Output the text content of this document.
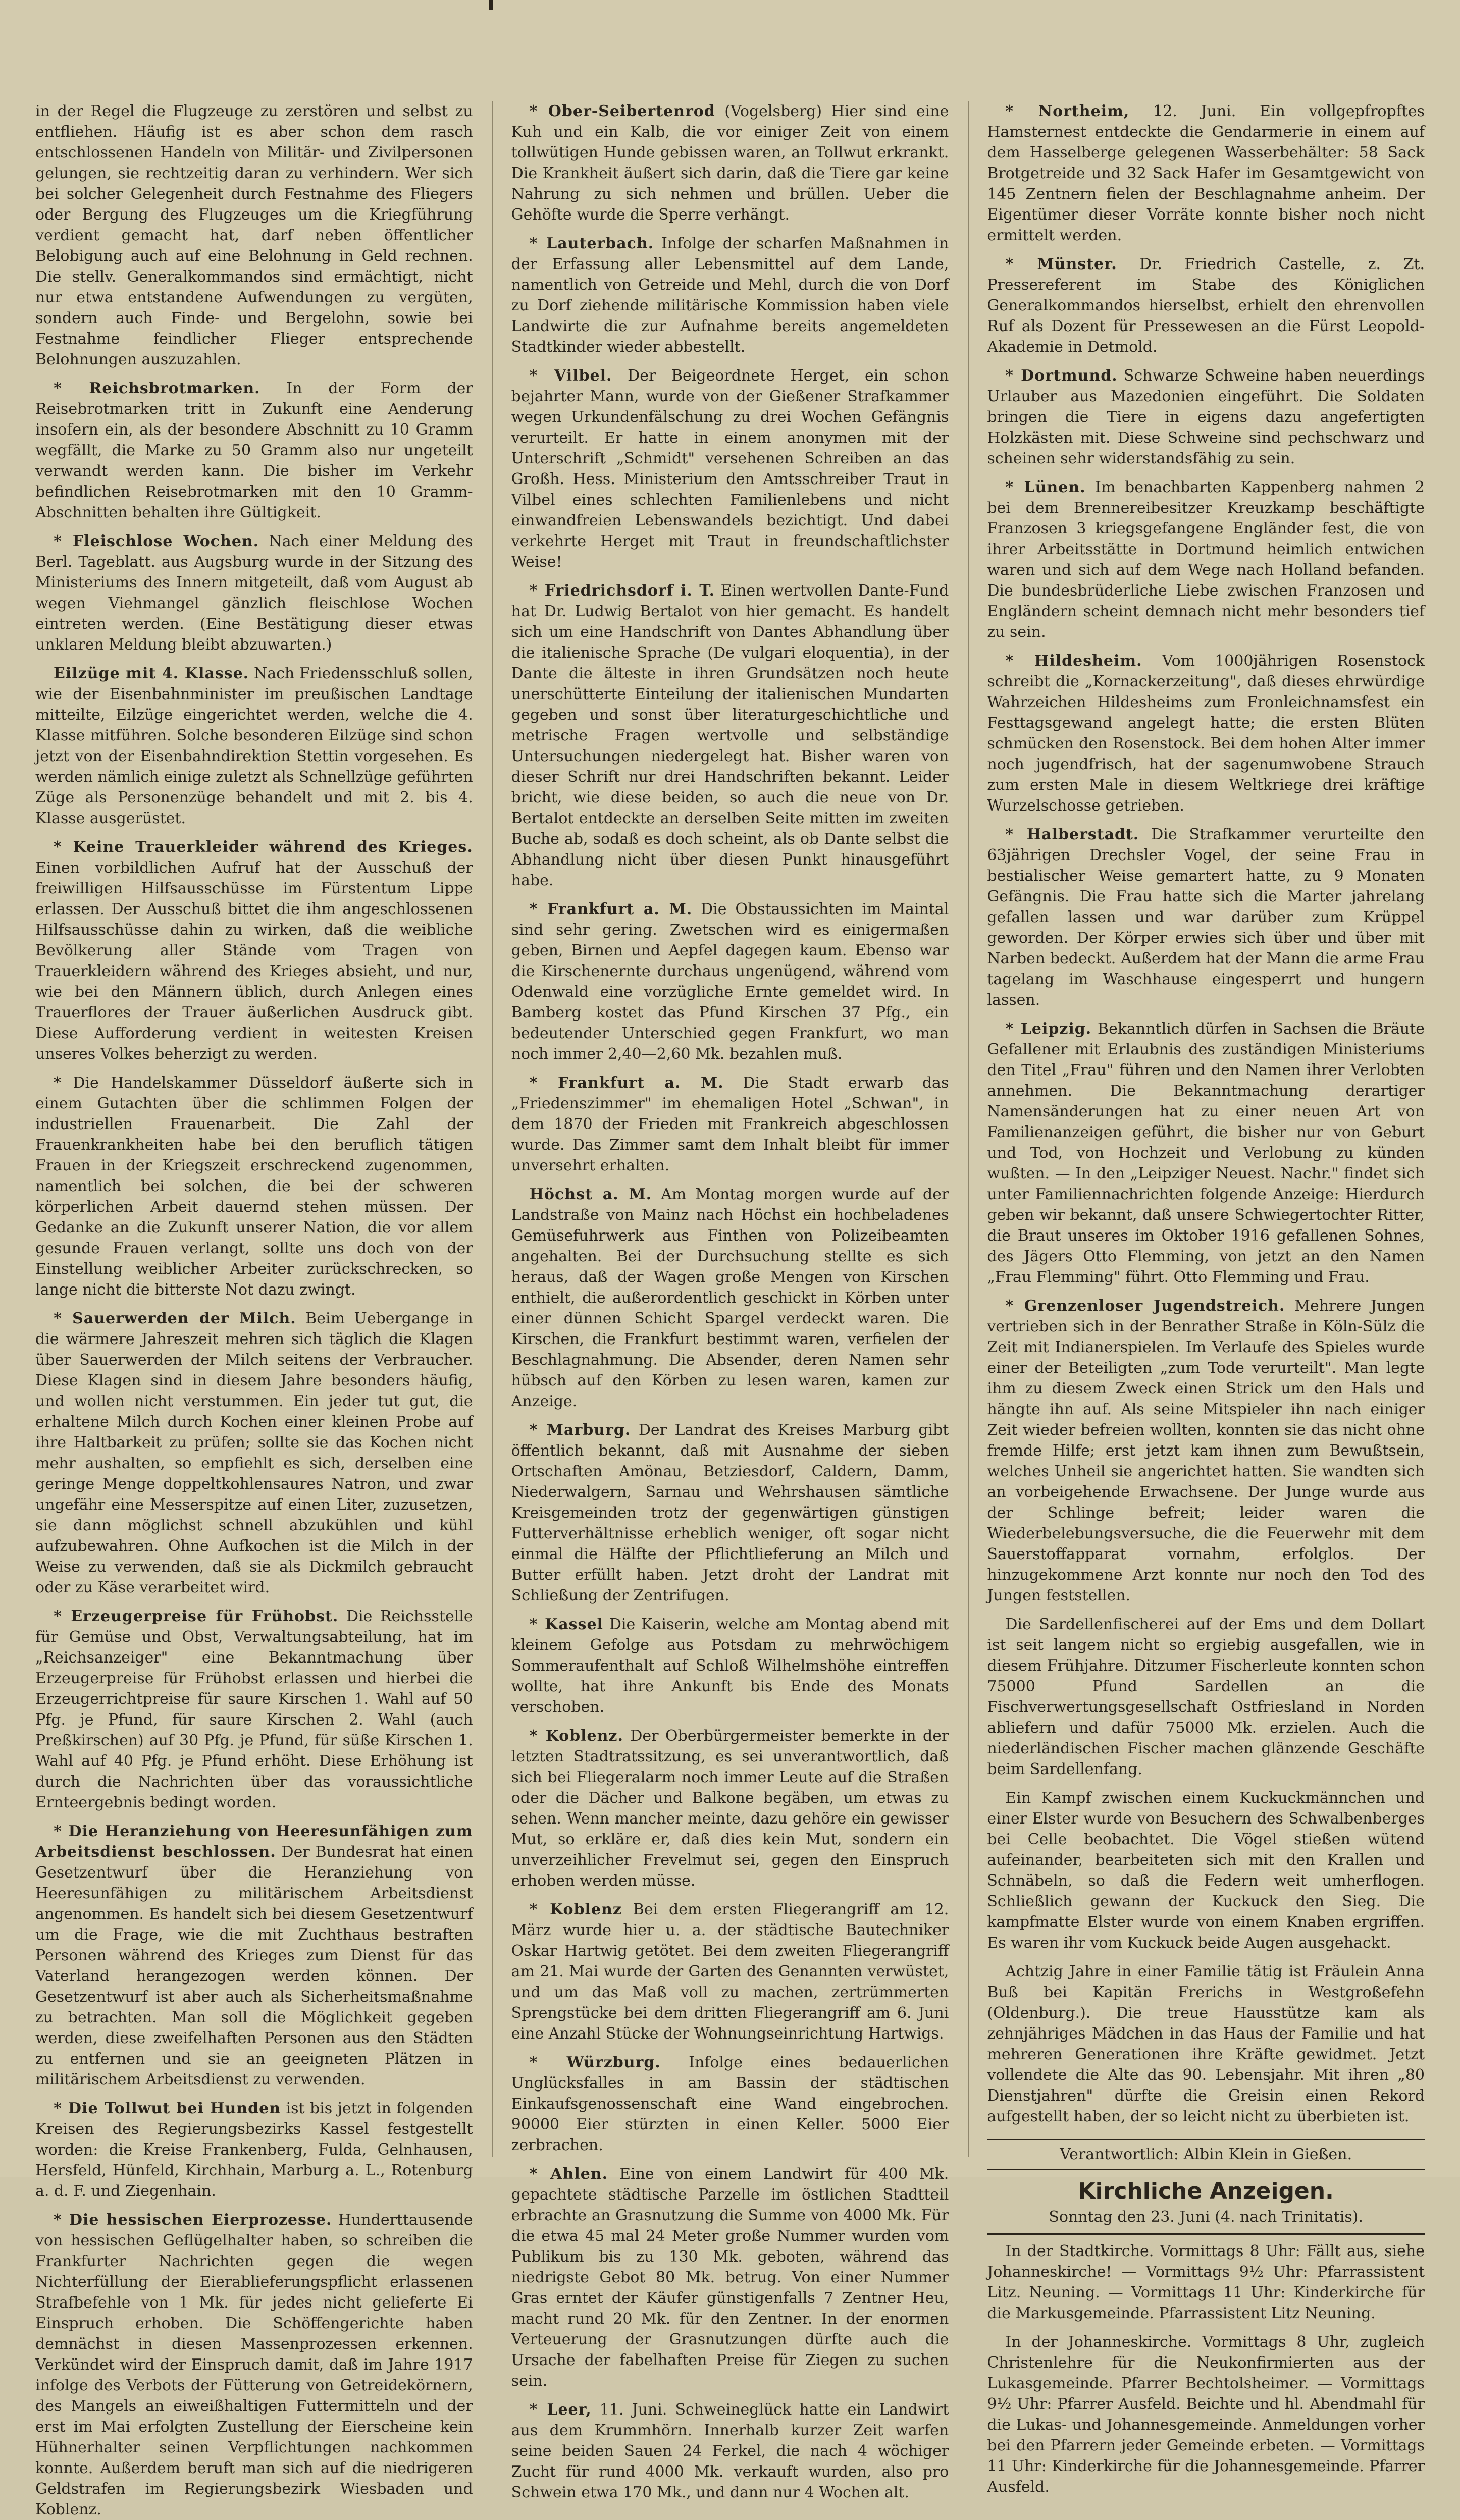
in der Regel die Flugzeuge zu zerstören und selbst zu entfliehen. Häufig ist es aber schon dem rasch entschlossenen Handeln von Militär- und Zivilpersonen gelungen, sie rechtzeitig daran zu verhindern. Wer sich bei solcher Gelegenheit durch Festnahme des Fliegers oder Bergung des Flugzeuges um die Kriegführung verdient gemacht hat, darf neben öffentlicher Belobigung auch auf eine Belohnung in Geld rechnen. Die stellv. Generalkommandos sind ermächtigt, nicht nur etwa entstandene Aufwendungen zu vergüten, sondern auch Finde- und Bergelohn, sowie bei Festnahme feindlicher Flieger entsprechende Belohnungen auszuzahlen.

* Reichsbrotmarken. In der Form der Reisebrotmarken tritt in Zukunft eine Aenderung insofern ein, als der besondere Abschnitt zu 10 Gramm wegfällt, die Marke zu 50 Gramm also nur ungeteilt verwandt werden kann. Die bisher im Verkehr befindlichen Reisebrotmarken mit den 10 Gramm-Abschnitten behalten ihre Gültigkeit.

* Fleischlose Wochen. Nach einer Meldung des Berl. Tageblatt. aus Augsburg wurde in der Sitzung des Ministeriums des Innern mitgeteilt, daß vom August ab wegen Viehmangel gänzlich fleischlose Wochen eintreten werden. (Eine Bestätigung dieser etwas unklaren Meldung bleibt abzuwarten.)

Eilzüge mit 4. Klasse. Nach Friedensschluß sollen, wie der Eisenbahnminister im preußischen Landtage mitteilte, Eilzüge eingerichtet werden, welche die 4. Klasse mitführen. Solche besonderen Eilzüge sind schon jetzt von der Eisenbahndirektion Stettin vorgesehen. Es werden nämlich einige zuletzt als Schnellzüge geführten Züge als Personenzüge behandelt und mit 2. bis 4. Klasse ausgerüstet.

* Keine Trauerkleider während des Krieges. Einen vorbildlichen Aufruf hat der Ausschuß der freiwilligen Hilfsausschüsse im Fürstentum Lippe erlassen. Der Ausschuß bittet die ihm angeschlossenen Hilfsausschüsse dahin zu wirken, daß die weibliche Bevölkerung aller Stände vom Tragen von Trauerkleidern während des Krieges absieht, und nur, wie bei den Männern üblich, durch Anlegen eines Trauerflores der Trauer äußerlichen Ausdruck gibt. Diese Aufforderung verdient in weitesten Kreisen unseres Volkes beherzigt zu werden.

* Die Handelskammer Düsseldorf äußerte sich in einem Gutachten über die schlimmen Folgen der industriellen Frauenarbeit. Die Zahl der Frauenkrankheiten habe bei den beruflich tätigen Frauen in der Kriegszeit erschreckend zugenommen, namentlich bei solchen, die bei der schweren körperlichen Arbeit dauernd stehen müssen. Der Gedanke an die Zukunft unserer Nation, die vor allem gesunde Frauen verlangt, sollte uns doch von der Einstellung weiblicher Arbeiter zurückschrecken, so lange nicht die bitterste Not dazu zwingt.

* Sauerwerden der Milch. Beim Uebergange in die wärmere Jahreszeit mehren sich täglich die Klagen über Sauerwerden der Milch seitens der Verbraucher. Diese Klagen sind in diesem Jahre besonders häufig, und wollen nicht verstummen. Ein jeder tut gut, die erhaltene Milch durch Kochen einer kleinen Probe auf ihre Haltbarkeit zu prüfen; sollte sie das Kochen nicht mehr aushalten, so empfiehlt es sich, derselben eine geringe Menge doppeltkohlensaures Natron, und zwar ungefähr eine Messerspitze auf einen Liter, zuzusetzen, sie dann möglichst schnell abzukühlen und kühl aufzubewahren. Ohne Aufkochen ist die Milch in der Weise zu verwenden, daß sie als Dickmilch gebraucht oder zu Käse verarbeitet wird.

* Erzeugerpreise für Frühobst. Die Reichsstelle für Gemüse und Obst, Verwaltungsabteilung, hat im „Reichsanzeiger" eine Bekanntmachung über Erzeugerpreise für Frühobst erlassen und hierbei die Erzeugerrichtpreise für saure Kirschen 1. Wahl auf 50 Pfg. je Pfund, für saure Kirschen 2. Wahl (auch Preßkirschen) auf 30 Pfg. je Pfund, für süße Kirschen 1. Wahl auf 40 Pfg. je Pfund erhöht. Diese Erhöhung ist durch die Nachrichten über das voraussichtliche Ernteergebnis bedingt worden.

* Die Heranziehung von Heeresunfähigen zum Arbeitsdienst beschlossen. Der Bundesrat hat einen Gesetzentwurf über die Heranziehung von Heeresunfähigen zu militärischem Arbeitsdienst angenommen. Es handelt sich bei diesem Gesetzentwurf um die Frage, wie die mit Zuchthaus bestraften Personen während des Krieges zum Dienst für das Vaterland herangezogen werden können. Der Gesetzentwurf ist aber auch als Sicherheitsmaßnahme zu betrachten. Man soll die Möglichkeit gegeben werden, diese zweifelhaften Personen aus den Städten zu entfernen und sie an geeigneten Plätzen in militärischem Arbeitsdienst zu verwenden.

* Die Tollwut bei Hunden ist bis jetzt in folgenden Kreisen des Regierungsbezirks Kassel festgestellt worden: die Kreise Frankenberg, Fulda, Gelnhausen, Hersfeld, Hünfeld, Kirchhain, Marburg a. L., Rotenburg a. d. F. und Ziegenhain.

* Die hessischen Eierprozesse. Hunderttausende von hessischen Geflügelhalter haben, so schreiben die Frankfurter Nachrichten gegen die wegen Nichterfüllung der Eierablieferungspflicht erlassenen Strafbefehle von 1 Mk. für jedes nicht gelieferte Ei Einspruch erhoben. Die Schöffengerichte haben demnächst in diesen Massenprozessen erkennen. Verkündet wird der Einspruch damit, daß im Jahre 1917 infolge des Verbots der Fütterung von Getreidekörnern, des Mangels an eiweißhaltigen Futtermitteln und der erst im Mai erfolgten Zustellung der Eierscheine kein Hühnerhalter seinen Verpflichtungen nachkommen konnte. Außerdem beruft man sich auf die niedrigeren Geldstrafen im Regierungsbezirk Wiesbaden und Koblenz.

* Ober-Seibertenrod (Vogelsberg) Hier sind eine Kuh und ein Kalb, die vor einiger Zeit von einem tollwütigen Hunde gebissen waren, an Tollwut erkrankt. Die Krankheit äußert sich darin, daß die Tiere gar keine Nahrung zu sich nehmen und brüllen. Ueber die Gehöfte wurde die Sperre verhängt.

* Lauterbach. Infolge der scharfen Maßnahmen in der Erfassung aller Lebensmittel auf dem Lande, namentlich von Getreide und Mehl, durch die von Dorf zu Dorf ziehende militärische Kommission haben viele Landwirte die zur Aufnahme bereits angemeldeten Stadtkinder wieder abbestellt.

* Vilbel. Der Beigeordnete Herget, ein schon bejahrter Mann, wurde von der Gießener Strafkammer wegen Urkundenfälschung zu drei Wochen Gefängnis verurteilt. Er hatte in einem anonymen mit der Unterschrift „Schmidt" versehenen Schreiben an das Großh. Hess. Ministerium den Amtsschreiber Traut in Vilbel eines schlechten Familienlebens und nicht einwandfreien Lebenswandels bezichtigt. Und dabei verkehrte Herget mit Traut in freundschaftlichster Weise!

* Friedrichsdorf i. T. Einen wertvollen Dante-Fund hat Dr. Ludwig Bertalot von hier gemacht. Es handelt sich um eine Handschrift von Dantes Abhandlung über die italienische Sprache (De vulgari eloquentia), in der Dante die älteste in ihren Grundsätzen noch heute unerschütterte Einteilung der italienischen Mundarten gegeben und sonst über literaturgeschichtliche und metrische Fragen wertvolle und selbständige Untersuchungen niedergelegt hat. Bisher waren von dieser Schrift nur drei Handschriften bekannt. Leider bricht, wie diese beiden, so auch die neue von Dr. Bertalot entdeckte an derselben Seite mitten im zweiten Buche ab, sodaß es doch scheint, als ob Dante selbst die Abhandlung nicht über diesen Punkt hinausgeführt habe.

* Frankfurt a. M. Die Obstaussichten im Maintal sind sehr gering. Zwetschen wird es einigermaßen geben, Birnen und Aepfel dagegen kaum. Ebenso war die Kirschenernte durchaus ungenügend, während vom Odenwald eine vorzügliche Ernte gemeldet wird. In Bamberg kostet das Pfund Kirschen 37 Pfg., ein bedeutender Unterschied gegen Frankfurt, wo man noch immer 2,40—2,60 Mk. bezahlen muß.

* Frankfurt a. M. Die Stadt erwarb das „Friedenszimmer" im ehemaligen Hotel „Schwan", in dem 1870 der Frieden mit Frankreich abgeschlossen wurde. Das Zimmer samt dem Inhalt bleibt für immer unversehrt erhalten.

Höchst a. M. Am Montag morgen wurde auf der Landstraße von Mainz nach Höchst ein hochbeladenes Gemüsefuhrwerk aus Finthen von Polizeibeamten angehalten. Bei der Durchsuchung stellte es sich heraus, daß der Wagen große Mengen von Kirschen enthielt, die außerordentlich geschickt in Körben unter einer dünnen Schicht Spargel verdeckt waren. Die Kirschen, die Frankfurt bestimmt waren, verfielen der Beschlagnahmung. Die Absender, deren Namen sehr hübsch auf den Körben zu lesen waren, kamen zur Anzeige.

* Marburg. Der Landrat des Kreises Marburg gibt öffentlich bekannt, daß mit Ausnahme der sieben Ortschaften Amönau, Betziesdorf, Caldern, Damm, Niederwalgern, Sarnau und Wehrshausen sämtliche Kreisgemeinden trotz der gegenwärtigen günstigen Futterverhältnisse erheblich weniger, oft sogar nicht einmal die Hälfte der Pflichtlieferung an Milch und Butter erfüllt haben. Jetzt droht der Landrat mit Schließung der Zentrifugen.

* Kassel Die Kaiserin, welche am Montag abend mit kleinem Gefolge aus Potsdam zu mehrwöchigem Sommeraufenthalt auf Schloß Wilhelmshöhe eintreffen wollte, hat ihre Ankunft bis Ende des Monats verschoben.

* Koblenz. Der Oberbürgermeister bemerkte in der letzten Stadtratssitzung, es sei unverantwortlich, daß sich bei Fliegeralarm noch immer Leute auf die Straßen oder die Dächer und Balkone begäben, um etwas zu sehen. Wenn mancher meinte, dazu gehöre ein gewisser Mut, so erkläre er, daß dies kein Mut, sondern ein unverzeihlicher Frevelmut sei, gegen den Einspruch erhoben werden müsse.

* Koblenz Bei dem ersten Fliegerangriff am 12. März wurde hier u. a. der städtische Bautechniker Oskar Hartwig getötet. Bei dem zweiten Fliegerangriff am 21. Mai wurde der Garten des Genannten verwüstet, und um das Maß voll zu machen, zertrümmerten Sprengstücke bei dem dritten Fliegerangriff am 6. Juni eine Anzahl Stücke der Wohnungseinrichtung Hartwigs.

* Würzburg. Infolge eines bedauerlichen Unglücksfalles in am Bassin der städtischen Einkaufsgenossenschaft eine Wand eingebrochen. 90000 Eier stürzten in einen Keller. 5000 Eier zerbrachen.

* Ahlen. Eine von einem Landwirt für 400 Mk. gepachtete städtische Parzelle im östlichen Stadtteil erbrachte an Grasnutzung die Summe von 4000 Mk. Für die etwa 45 mal 24 Meter große Nummer wurden vom Publikum bis zu 130 Mk. geboten, während das niedrigste Gebot 80 Mk. betrug. Von einer Nummer Gras erntet der Käufer günstigenfalls 7 Zentner Heu, macht rund 20 Mk. für den Zentner. In der enormen Verteuerung der Grasnutzungen dürfte auch die Ursache der fabelhaften Preise für Ziegen zu suchen sein.

* Leer, 11. Juni. Schweineglück hatte ein Landwirt aus dem Krummhörn. Innerhalb kurzer Zeit warfen seine beiden Sauen 24 Ferkel, die nach 4 wöchiger Zucht für rund 4000 Mk. verkauft wurden, also pro Schwein etwa 170 Mk., und dann nur 4 Wochen alt.

* Northeim, 12. Juni. Ein vollgepfropftes Hamsternest entdeckte die Gendarmerie in einem auf dem Hasselberge gelegenen Wasserbehälter: 58 Sack Brotgetreide und 32 Sack Hafer im Gesamtgewicht von 145 Zentnern fielen der Beschlagnahme anheim. Der Eigentümer dieser Vorräte konnte bisher noch nicht ermittelt werden.

* Münster. Dr. Friedrich Castelle, z. Zt. Pressereferent im Stabe des Königlichen Generalkommandos hierselbst, erhielt den ehrenvollen Ruf als Dozent für Pressewesen an die Fürst Leopold-Akademie in Detmold.

* Dortmund. Schwarze Schweine haben neuerdings Urlauber aus Mazedonien eingeführt. Die Soldaten bringen die Tiere in eigens dazu angefertigten Holzkästen mit. Diese Schweine sind pechschwarz und scheinen sehr widerstandsfähig zu sein.

* Lünen. Im benachbarten Kappenberg nahmen 2 bei dem Brennereibesitzer Kreuzkamp beschäftigte Franzosen 3 kriegsgefangene Engländer fest, die von ihrer Arbeitsstätte in Dortmund heimlich entwichen waren und sich auf dem Wege nach Holland befanden. Die bundesbrüderliche Liebe zwischen Franzosen und Engländern scheint demnach nicht mehr besonders tief zu sein.

* Hildesheim. Vom 1000jährigen Rosenstock schreibt die „Kornackerzeitung", daß dieses ehrwürdige Wahrzeichen Hildesheims zum Fronleichnamsfest ein Festtagsgewand angelegt hatte; die ersten Blüten schmücken den Rosenstock. Bei dem hohen Alter immer noch jugendfrisch, hat der sagenumwobene Strauch zum ersten Male in diesem Weltkriege drei kräftige Wurzelschosse getrieben.

* Halberstadt. Die Strafkammer verurteilte den 63jährigen Drechsler Vogel, der seine Frau in bestialischer Weise gemartert hatte, zu 9 Monaten Gefängnis. Die Frau hatte sich die Marter jahrelang gefallen lassen und war darüber zum Krüppel geworden. Der Körper erwies sich über und über mit Narben bedeckt. Außerdem hat der Mann die arme Frau tagelang im Waschhause eingesperrt und hungern lassen.

* Leipzig. Bekanntlich dürfen in Sachsen die Bräute Gefallener mit Erlaubnis des zuständigen Ministeriums den Titel „Frau" führen und den Namen ihrer Verlobten annehmen. Die Bekanntmachung derartiger Namensänderungen hat zu einer neuen Art von Familienanzeigen geführt, die bisher nur von Geburt und Tod, von Hochzeit und Verlobung zu künden wußten. — In den „Leipziger Neuest. Nachr." findet sich unter Familiennachrichten folgende Anzeige: Hierdurch geben wir bekannt, daß unsere Schwiegertochter Ritter, die Braut unseres im Oktober 1916 gefallenen Sohnes, des Jägers Otto Flemming, von jetzt an den Namen „Frau Flemming" führt. Otto Flemming und Frau.

* Grenzenloser Jugendstreich. Mehrere Jungen vertrieben sich in der Benrather Straße in Köln-Sülz die Zeit mit Indianerspielen. Im Verlaufe des Spieles wurde einer der Beteiligten „zum Tode verurteilt". Man legte ihm zu diesem Zweck einen Strick um den Hals und hängte ihn auf. Als seine Mitspieler ihn nach einiger Zeit wieder befreien wollten, konnten sie das nicht ohne fremde Hilfe; erst jetzt kam ihnen zum Bewußtsein, welches Unheil sie angerichtet hatten. Sie wandten sich an vorbeigehende Erwachsene. Der Junge wurde aus der Schlinge befreit; leider waren die Wiederbelebungsversuche, die die Feuerwehr mit dem Sauerstoffapparat vornahm, erfolglos. Der hinzugekommene Arzt konnte nur noch den Tod des Jungen feststellen.

Die Sardellenfischerei auf der Ems und dem Dollart ist seit langem nicht so ergiebig ausgefallen, wie in diesem Frühjahre. Ditzumer Fischerleute konnten schon 75000 Pfund Sardellen an die Fischverwertungsgesellschaft Ostfriesland in Norden abliefern und dafür 75000 Mk. erzielen. Auch die niederländischen Fischer machen glänzende Geschäfte beim Sardellenfang.

Ein Kampf zwischen einem Kuckuckmännchen und einer Elster wurde von Besuchern des Schwalbenberges bei Celle beobachtet. Die Vögel stießen wütend aufeinander, bearbeiteten sich mit den Krallen und Schnäbeln, so daß die Federn weit umherflogen. Schließlich gewann der Kuckuck den Sieg. Die kampfmatte Elster wurde von einem Knaben ergriffen. Es waren ihr vom Kuckuck beide Augen ausgehackt.

Achtzig Jahre in einer Familie tätig ist Fräulein Anna Buß bei Kapitän Frerichs in Westgroßefehn (Oldenburg.). Die treue Hausstütze kam als zehnjähriges Mädchen in das Haus der Familie und hat mehreren Generationen ihre Kräfte gewidmet. Jetzt vollendete die Alte das 90. Lebensjahr. Mit ihren „80 Dienstjahren" dürfte die Greisin einen Rekord aufgestellt haben, der so leicht nicht zu überbieten ist.

Verantwortlich: Albin Klein in Gießen.
Kirchliche Anzeigen.
Sonntag den 23. Juni (4. nach Trinitatis).

In der Stadtkirche. Vormittags 8 Uhr: Fällt aus, siehe Johanneskirche! — Vormittags 9½ Uhr: Pfarrassistent Litz. Neuning. — Vormittags 11 Uhr: Kinderkirche für die Markusgemeinde. Pfarrassistent Litz Neuning.

In der Johanneskirche. Vormittags 8 Uhr, zugleich Christenlehre für die Neukonfirmierten aus der Lukasgemeinde. Pfarrer Bechtolsheimer. — Vormittags 9½ Uhr: Pfarrer Ausfeld. Beichte und hl. Abendmahl für die Lukas- und Johannesgemeinde. Anmeldungen vorher bei den Pfarrern jeder Gemeinde erbeten. — Vormittags 11 Uhr: Kinderkirche für die Johannesgemeinde. Pfarrer Ausfeld.
